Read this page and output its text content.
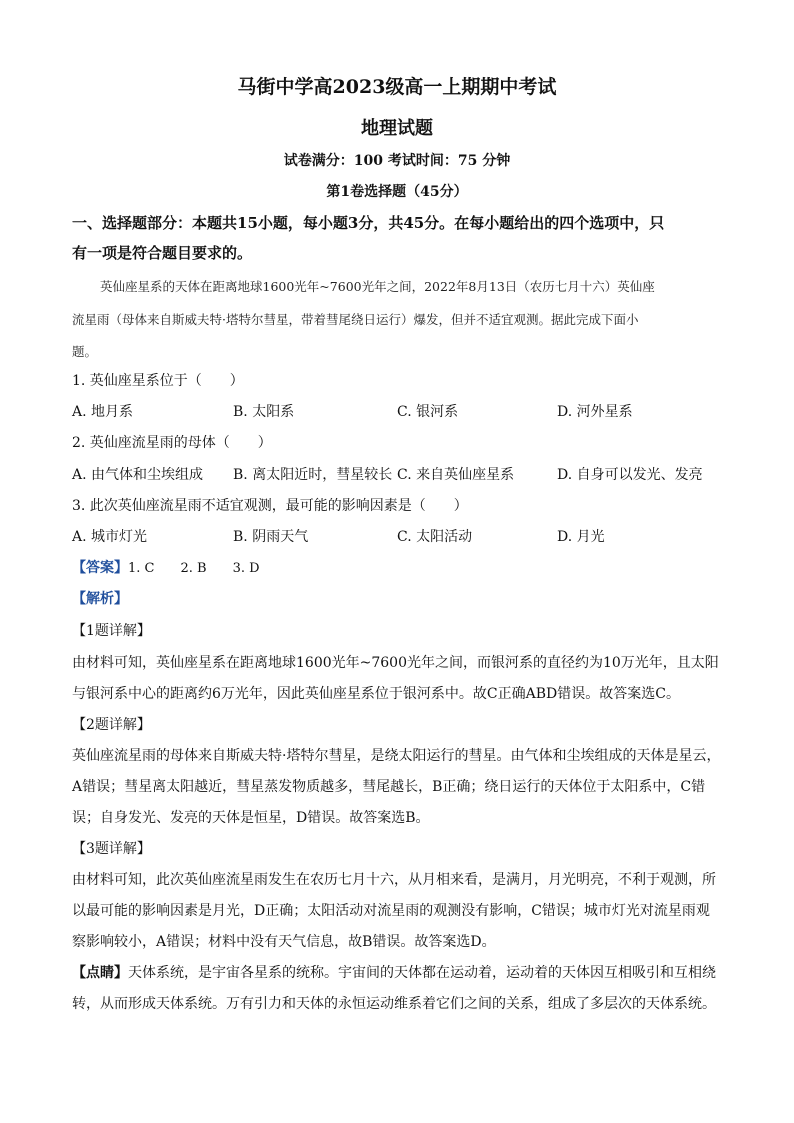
马街中学高2023级高一上期期中考试
地理试题
试卷满分：100 考试时间：75 分钟
第1卷选择题（45分）
一、选择题部分：本题共15小题，每小题3分，共45分。在每小题给出的四个选项中，只
有一项是符合题目要求的。
英仙座星系的天体在距离地球1600光年~7600光年之间，2022年8月13日（农历七月十六）英仙座
流星雨（母体来自斯威夫特·塔特尔彗星，带着彗尾绕日运行）爆发，但并不适宜观测。据此完成下面小
题。
1. 英仙座星系位于（　　）
A. 地月系	B. 太阳系	C. 银河系	D. 河外星系
2. 英仙座流星雨的母体（　　）
A. 由气体和尘埃组成 B. 离太阳近时，彗星较长 C. 来自英仙座星系	D. 自身可以发光、发亮
3. 此次英仙座流星雨不适宜观测，最可能的影响因素是（　　）
A. 城市灯光	B. 阴雨天气	C. 太阳活动	D. 月光
【答案】1. C　　2. B　　3. D
【解析】
【1题详解】
由材料可知，英仙座星系在距离地球1600光年~7600光年之间，而银河系的直径约为10万光年，且太阳
与银河系中心的距离约6万光年，因此英仙座星系位于银河系中。故C正确ABD错误。故答案选C。
【2题详解】
英仙座流星雨的母体来自斯威夫特·塔特尔彗星，是绕太阳运行的彗星。由气体和尘埃组成的天体是星云，
A错误；彗星离太阳越近，彗星蒸发物质越多，彗尾越长，B正确；绕日运行的天体位于太阳系中，C错
误；自身发光、发亮的天体是恒星，D错误。故答案选B。
【3题详解】
由材料可知，此次英仙座流星雨发生在农历七月十六，从月相来看，是满月，月光明亮，不利于观测，所
以最可能的影响因素是月光，D正确；太阳活动对流星雨的观测没有影响，C错误；城市灯光对流星雨观
察影响较小，A错误；材料中没有天气信息，故B错误。故答案选D。
【点睛】天体系统，是宇宙各星系的统称。宇宙间的天体都在运动着，运动着的天体因互相吸引和互相绕
转，从而形成天体系统。万有引力和天体的永恒运动维系着它们之间的关系，组成了多层次的天体系统。
